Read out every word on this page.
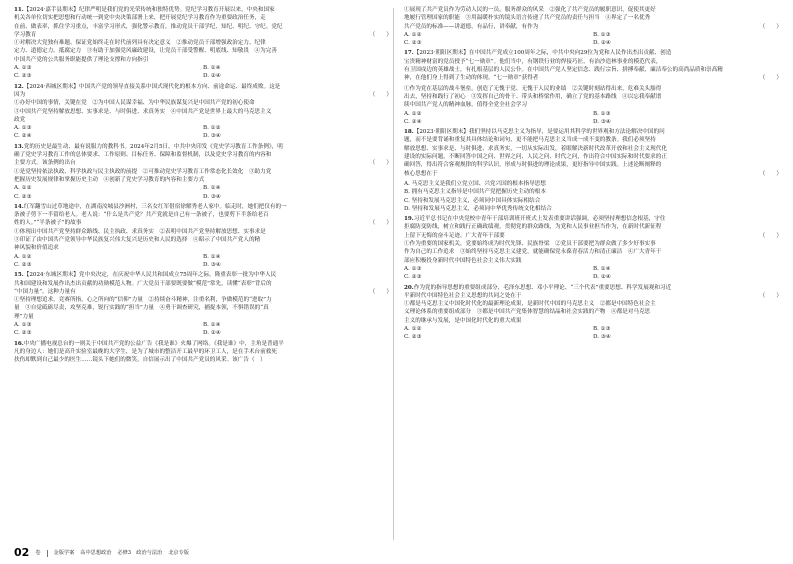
11.【2024·嘉手县期末】纪律严明是我们党的光荣传统和独特优势。党纪学习教育开展以来，中央和国家
机关各单位切实把思想和行动统一到党中央决策部署上来，把开展党纪学习教育作为重要政治任务，走
在前、做表率，抓住学习重点，丰富学习形式，强化警示教育，推动党员干部学纪、知纪、明纪、守纪。党纪
学习教育	（　　）
①对解决大党独有难题、保证党始终走在时代前列具有决定意义　②推动党员干部增强政治定力、纪律
定力、道德定力、抵腐定力　③有助于加强党风廉政建设，让党员干部受警醒、明底线、知敬畏　④为完善
中国共产党的公共服务职能提供了理论支撑和方向指引
A. ①③	B. ①④
C. ②③	D. ②④
12.【2024·西城区期末】中国共产党的领导直接关系中国式现代化的根本方向、前途命运、最终成败。这是
因为	（　　）
①办好中国的事情，关键在党　②为中国人民谋幸福、为中华民族谋复兴是中国共产党的初心使命
③中国共产党坚持解放思想、实事求是、与时俱进、求真务实　④中国共产党是世界上最大的马克思主义
政党
A. ①③	B. ①②
C. ②④	D. ③④
13.党的历史是最生动、最有说服力的教科书。2024年2月5日，中共中央印发《党史学习教育工作条例》，明
确了党史学习教育工作的总体要求、工作原则、目标任务、保障和监督机制，以及党史学习教育的内容和
主要方式。该条例的出台	（　　）
①是党坚持依法执政、科学执政与民主执政的前提　②可推动党史学习教育工作常态化长效化　③助力党
把握历史发展规律和掌握历史主动　④创新了党史学习教育的内容和主要方式
A. ①②	B. ①④
C. ②③	D. ③④
14.红军翻雪山过草地途中，在湖南汝城县沙洲村，三名女红军借宿徐解秀老人家中。临走时，她们把仅有的一
条被子剪下一半留给老人。老人说：“什么是共产党？共产党就是自己有一条被子，也要剪下半条给老百
姓的人。”“半条被子”的故事	（　　）
①体现出中国共产党坚持群众路线、民主执政、求真务实　②表明中国共产党坚持解放思想、实事求是
③印证了由中国共产党领导中华民族复兴伟大复兴是历史和人民的选择　④昭示了中国共产党人的精
神风貌和价值追求
A. ①②	B. ①④
C. ②③	D. ③④
15.【2024·东城区期末】党中央决定，在庆祝中华人民共和国成立75周年之际，隆重表彰一批为中华人民
共和国建设和发展作出杰出贡献的功勋模范人物。广大党员干部要既要做“模范”常先，读懂“表彰”背后的
“中国力量”。这种力量有	（　　）
①坚持理想追求，竞赛所指，心之所向的“信仰”力量　②持续奋斗精神，注重名利，争做模范的“进取”力
量　③自觉砥砺尽责，攻坚克难，锐行实践的“担当”力量　④勇于调查研究，捕捉本领，不惧错误的“真
理”力量
A. ①③	B. ①④
C. ②③	D. ②④
16.中央广播电视总台的一则关于中国共产党的公益广告《我是谁》火爆了网络。《我是谁》中，主角是普通平
凡的身边人：她们是高升实验室最晚的大学生，是为了城市的整洁开工最早的环卫工人，是在手术台前救死
扶伤却默到自己最少的医生……镜头下她们的微笑，自信展示出了中国共产党员的风采。该广告（　）
①展现了共产党员作为劳动人民的一员，服务群众的风采　②强化了共产党员的履职意识，促使其更好
地履行管理国家的职能　③用温暖朴实的镜头语言传递了共产党员的责任与担当　④界定了一名优秀
共产党员的标准——讲道德，有品行，讲奉献，有作为	（　　）
A. ①②	B. ①③
C. ②③	D. ②④
17.【2023·朝阳区期末】在中国共产党成立100周年之际，中共中央向29位为党和人民作出杰出贡献、创造
宝贵精神财富的党员授予“七一勋章”。他们当中，有钢铁行业的焊接巧匠，有治沙造林事业的模范代表，
有卫国戍边的英雄战士，有扎根基层的人民公仆。在中国共产党人坚定信念、践行宗旨、拼搏奉献、廉洁奉公的高尚品质和崇高精
神，在他们身上得到了生动的体现。“七一勋章”获得者	（　　）
①作为党在基层的战斗堡垒，创造了无愧于党、无愧于人民的业绩　②关键时刻站得出来，危难关头豁得
出去，坚持和践行了初心　③发挥自己的骨干、带头和桥梁作用，确立了党的基本路线　④以忘我奉献谱
续中国共产党人的精神血脉，值得全党全社会学习
A. ①②	B. ①③
C. ②④	D. ③④
18.【2023·朝阳区期末】我们坚持以马克思主义为指导，是要运用其科学的世界观和方法论解决中国的问
题，而不是要背诵和重复其具体结论和词句，更不能把马克思主义当成一成不变的教条。我们必须坚持
解放思想、实事求是、与时俱进、求真务实，一切从实际出发，着眼解决新时代改革开放和社会主义现代化
建设的实际问题，不断回答中国之问、世界之问、人民之问、时代之问，作出符合中国实际和时代要求的正
确回答，得出符合客观规律的科学认识，形成与时俱进的理论成果，更好指导中国实践。上述论断阐释的
核心思想在于	（　　）
A. 马克思主义是我们立党立国、兴党兴国的根本指导思想
B. 拥有马克思主义指导是中国共产党把握历史主动的根本
C. 坚持和发展马克思主义，必须同中国具体实际相结合
D. 坚持和发展马克思主义，必须同中华优秀传统文化相结合
19.习近平总书记在中央党校中青年干部培训班开班式上发表重要讲话强调，必须坚持理想信念根基，守住
拒腐防变防线，树立和践行正确政绩观，贯彻党的群众路线，为党和人民事业担当作为，在新时代新征程
上留下无悔的奋斗足迹。广大青年干部要	（　　）
①作为重要的国家机关，党要始终成为时代先锋、民族脊梁　②党员干部要把为群众做了多少好事实事
作为自己的工作追求　③始终坚持马克思主义建党，就能确保党永葆青春活力和清正廉洁　④广大青年干
部应积极投身新时代中国特色社会主义伟大实践
A. ①③	B. ①④
C. ②③	D. ②④
20.作为党的指导思想的重要组成部分，毛泽东思想、邓小平理论、“三个代表”重要思想、科学发展观和习近
平新时代中国特色社会主义思想的共同之处在于	（　　）
①都是马克思主义中国化时代化的最新理论成果，是新时代中国的马克思主义　②都是中国特色社会主
义理论体系的重要组成部分　③都是中国共产党集体智慧的结晶和社会实践的产物　④都是对马克思
主义的继承与发展，是中国化时代化的重大成果
A. ①②	B. ①③
C. ②③	D. ③④
02 卷	金版学案 高中思想政治 必修3　政治与法治 北京专版
